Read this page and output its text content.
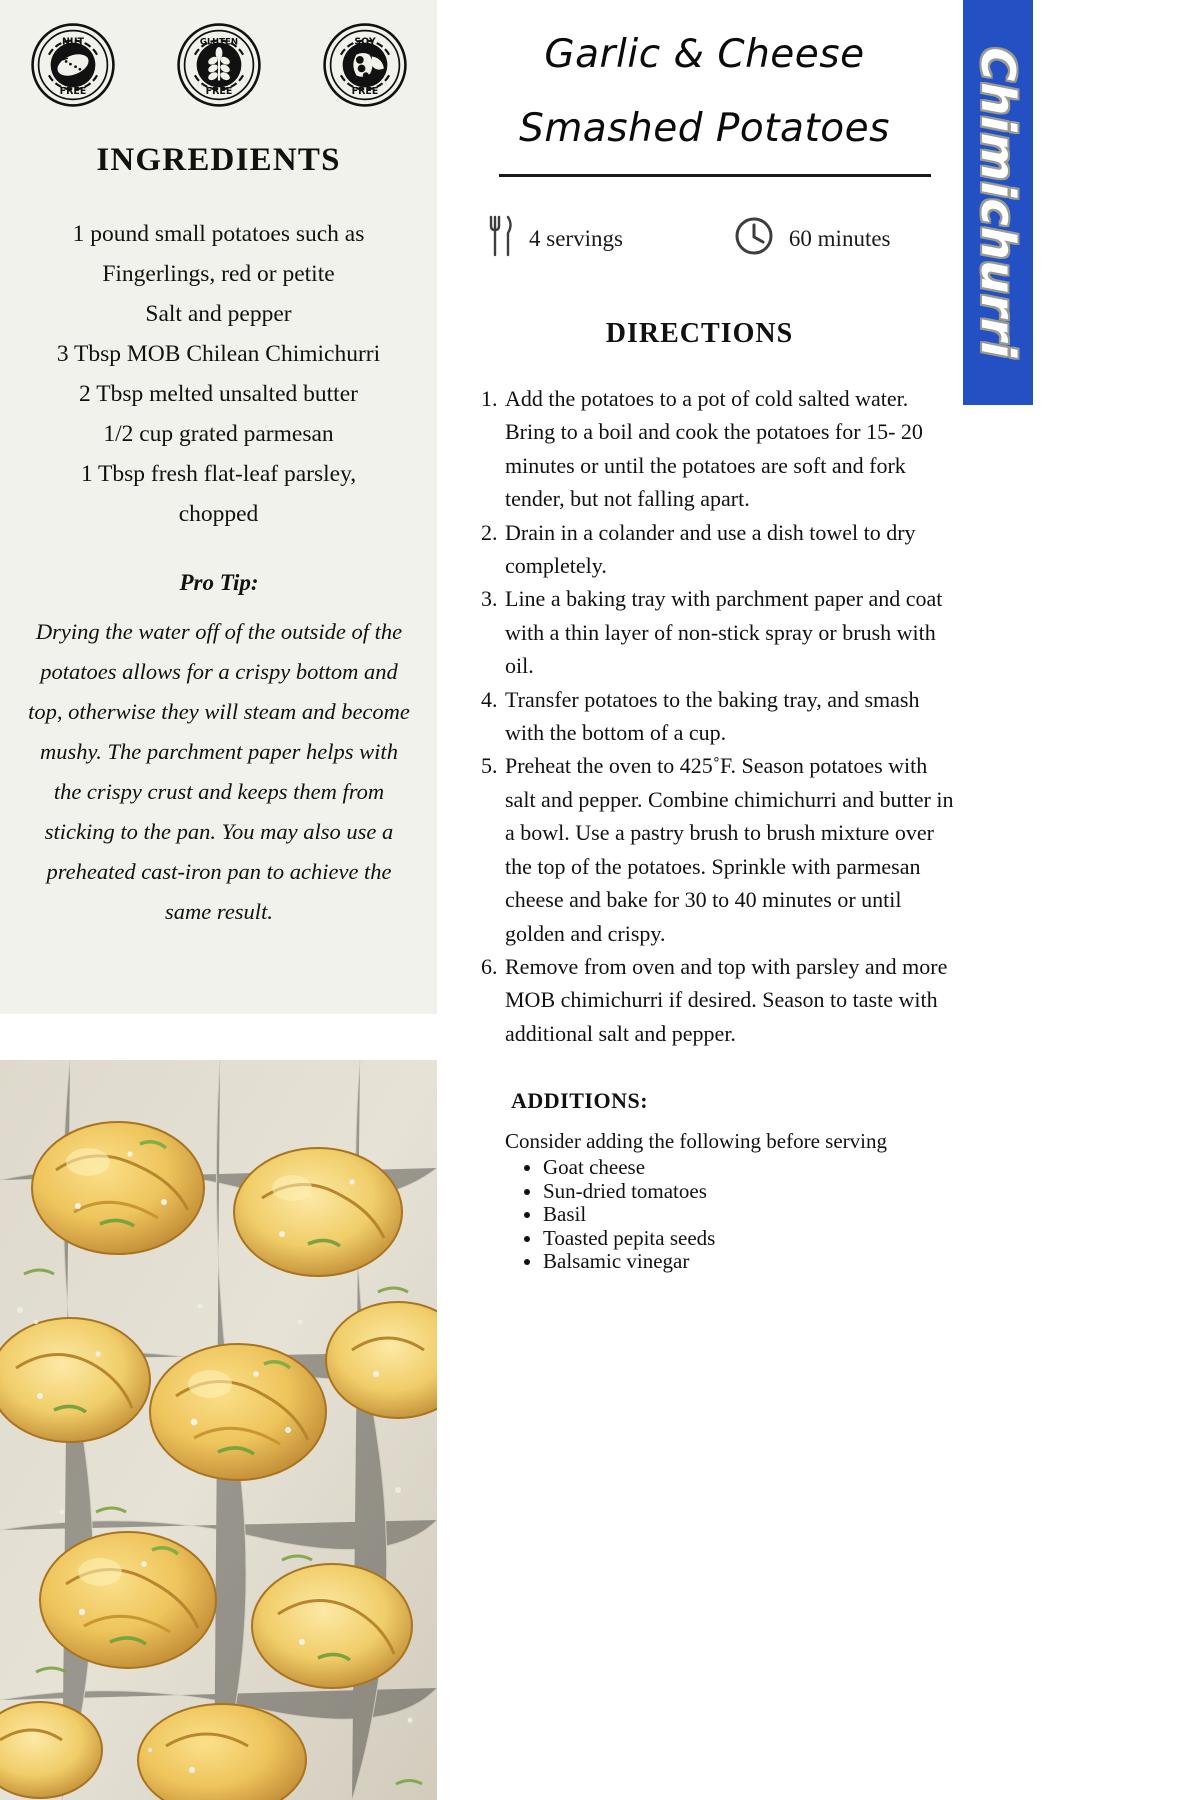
NUT
FREE
GLUTEN
FREE
SOY
FREE
INGREDIENTS
1 pound small potatoes such as
Fingerlings, red or petite
Salt and pepper
3 Tbsp MOB Chilean Chimichurri
2 Tbsp melted unsalted butter
1/2 cup grated parmesan
1 Tbsp fresh flat-leaf parsley,
chopped
Pro Tip:
Drying the water off of the outside of the potatoes allows for a crispy bottom and top, otherwise they will steam and become mushy. The parchment paper helps with the crispy crust and keeps them from sticking to the pan. You may also use a preheated cast-iron pan to achieve the same result.
Garlic & Cheese
Smashed Potatoes
4 servings	60 minutes
DIRECTIONS
1. Add the potatoes to a pot of cold salted water. Bring to a boil and cook the potatoes for 15- 20 minutes or until the potatoes are soft and fork tender, but not falling apart.
2. Drain in a colander and use a dish towel to dry completely.
3. Line a baking tray with parchment paper and coat with a thin layer of non-stick spray or brush with oil.
4. Transfer potatoes to the baking tray, and smash with the bottom of a cup.
5. Preheat the oven to 425˚F. Season potatoes with salt and pepper. Combine chimichurri and butter in a bowl. Use a pastry brush to brush mixture over the top of the potatoes. Sprinkle with parmesan cheese and bake for 30 to 40 minutes or until golden and crispy.
6. Remove from oven and top with parsley and more MOB chimichurri if desired. Season to taste with additional salt and pepper.
ADDITIONS:
Consider adding the following before serving
• Goat cheese
• Sun-dried tomatoes
• Basil
• Toasted pepita seeds
• Balsamic vinegar
Chimichurri
